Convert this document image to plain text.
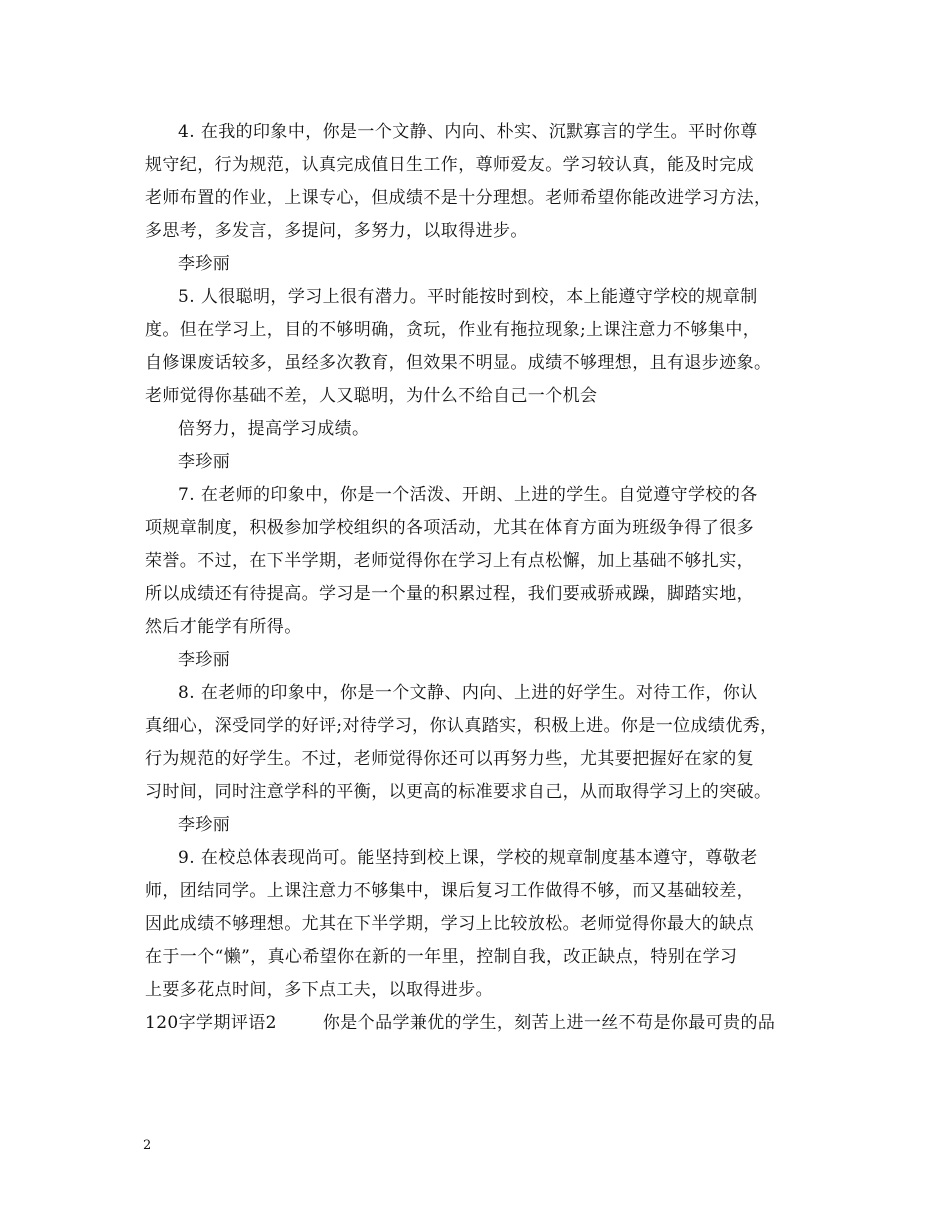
4. 在我的印象中，你是一个文静、内向、朴实、沉默寡言的学生。平时你尊
规守纪，行为规范，认真完成值日生工作，尊师爱友。学习较认真，能及时完成
老师布置的作业，上课专心，但成绩不是十分理想。老师希望你能改进学习方法，
多思考，多发言，多提问，多努力，以取得进步。
李珍丽
5. 人很聪明，学习上很有潜力。平时能按时到校，本上能遵守学校的规章制
度。但在学习上，目的不够明确，贪玩，作业有拖拉现象;上课注意力不够集中，
自修课废话较多，虽经多次教育，但效果不明显。成绩不够理想，且有退步迹象。
老师觉得你基础不差，人又聪明，为什么不给自己一个机会
倍努力，提高学习成绩。
李珍丽
7. 在老师的印象中，你是一个活泼、开朗、上进的学生。自觉遵守学校的各
项规章制度，积极参加学校组织的各项活动，尤其在体育方面为班级争得了很多
荣誉。不过，在下半学期，老师觉得你在学习上有点松懈，加上基础不够扎实，
所以成绩还有待提高。学习是一个量的积累过程，我们要戒骄戒躁，脚踏实地，
然后才能学有所得。
李珍丽
8. 在老师的印象中，你是一个文静、内向、上进的好学生。对待工作，你认
真细心，深受同学的好评;对待学习，你认真踏实，积极上进。你是一位成绩优秀，
行为规范的好学生。不过，老师觉得你还可以再努力些，尤其要把握好在家的复
习时间，同时注意学科的平衡，以更高的标准要求自己，从而取得学习上的突破。
李珍丽
9. 在校总体表现尚可。能坚持到校上课，学校的规章制度基本遵守，尊敬老
师，团结同学。上课注意力不够集中，课后复习工作做得不够，而又基础较差，
因此成绩不够理想。尤其在下半学期，学习上比较放松。老师觉得你最大的缺点
在于一个“懒”，真心希望你在新的一年里，控制自我，改正缺点，特别在学习
上要多花点时间，多下点工夫，以取得进步。
120字学期评语2	你是个品学兼优的学生，刻苦上进一丝不苟是你最可贵的品
2
